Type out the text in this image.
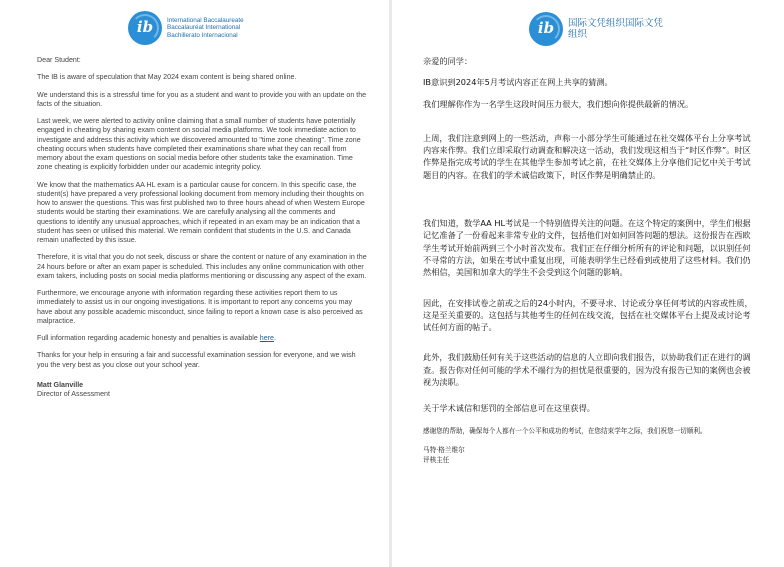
ib	International Baccalaureate
Baccalauréat International
Bachillerato Internacional

Dear Student:

The IB is aware of speculation that May 2024 exam content is being shared online.

We understand this is a stressful time for you as a student and want to provide you with an update on the facts of the situation.

Last week, we were alerted to activity online claiming that a small number of students have potentially engaged in cheating by sharing exam content on social media platforms. We took immediate action to investigate and address this activity which we discovered amounted to "time zone cheating". Time zone cheating occurs when students have completed their examinations share what they can recall from memory about the exam questions on social media before other students take the examination. Time zone cheating is explicitly forbidden under our academic integrity policy.

We know that the mathematics AA HL exam is a particular cause for concern. In this specific case, the student(s) have prepared a very professional looking document from memory including their thoughts on how to answer the questions. This was first published two to three hours ahead of when Western Europe students would be starting their examinations. We are carefully analysing all the comments and questions to identify any unusual approaches, which if repeated in an exam may be an indication that a student has seen or utilised this material. We remain confident that students in the U.S. and Canada remain unaffected by this issue.

Therefore, it is vital that you do not seek, discuss or share the content or nature of any examination in the 24 hours before or after an exam paper is scheduled. This includes any online communication with other exam takers, including posts on social media platforms mentioning or discussing any aspect of the exam.

Furthermore, we encourage anyone with information regarding these activities report them to us immediately to assist us in our ongoing investigations. It is important to report any concerns you may have about any possible academic misconduct, since failing to report a known case is also perceived as malpractice.

Full information regarding academic honesty and penalties is available here.

Thanks for your help in ensuring a fair and successful examination session for everyone, and we wish you the very best as you close out your school year.

Matt Glanville
Director of Assessment
ib	国际文凭组织国际文凭
组织

亲爱的同学：

IB意识到2024年5月考试内容正在网上共享的猜测。

我们理解你作为一名学生这段时间压力很大，我们想向你提供最新的情况。

上周，我们注意到网上的一些活动，声称一小部分学生可能通过在社交媒体平台上分享考试内容来作弊。我们立即采取行动调查和解决这一活动，我们发现这相当于“时区作弊”。时区作弊是指完成考试的学生在其他学生参加考试之前，在社交媒体上分享他们记忆中关于考试题目的内容。在我们的学术诚信政策下，时区作弊是明确禁止的。

我们知道，数学AA HL考试是一个特别值得关注的问题。在这个特定的案例中，学生们根据记忆准备了一份看起来非常专业的文件，包括他们对如何回答问题的想法。这份报告在西欧学生考试开始前两到三个小时首次发布。我们正在仔细分析所有的评论和问题，以识别任何不寻常的方法，如果在考试中重复出现，可能表明学生已经看到或使用了这些材料。我们仍然相信，美国和加拿大的学生不会受到这个问题的影响。

因此，在安排试卷之前或之后的24小时内，不要寻求、讨论或分享任何考试的内容或性质，这是至关重要的。这包括与其他考生的任何在线交流，包括在社交媒体平台上提及或讨论考试任何方面的帖子。

此外，我们鼓励任何有关于这些活动的信息的人立即向我们报告，以协助我们正在进行的调查。报告你对任何可能的学术不端行为的担忧是很重要的，因为没有报告已知的案例也会被视为渎职。

关于学术诚信和惩罚的全部信息可在这里获得。

感谢您的帮助，确保每个人都有一个公平和成功的考试，在您结束学年之际，我们祝您一切顺利。

马特·格兰维尔
评核主任
